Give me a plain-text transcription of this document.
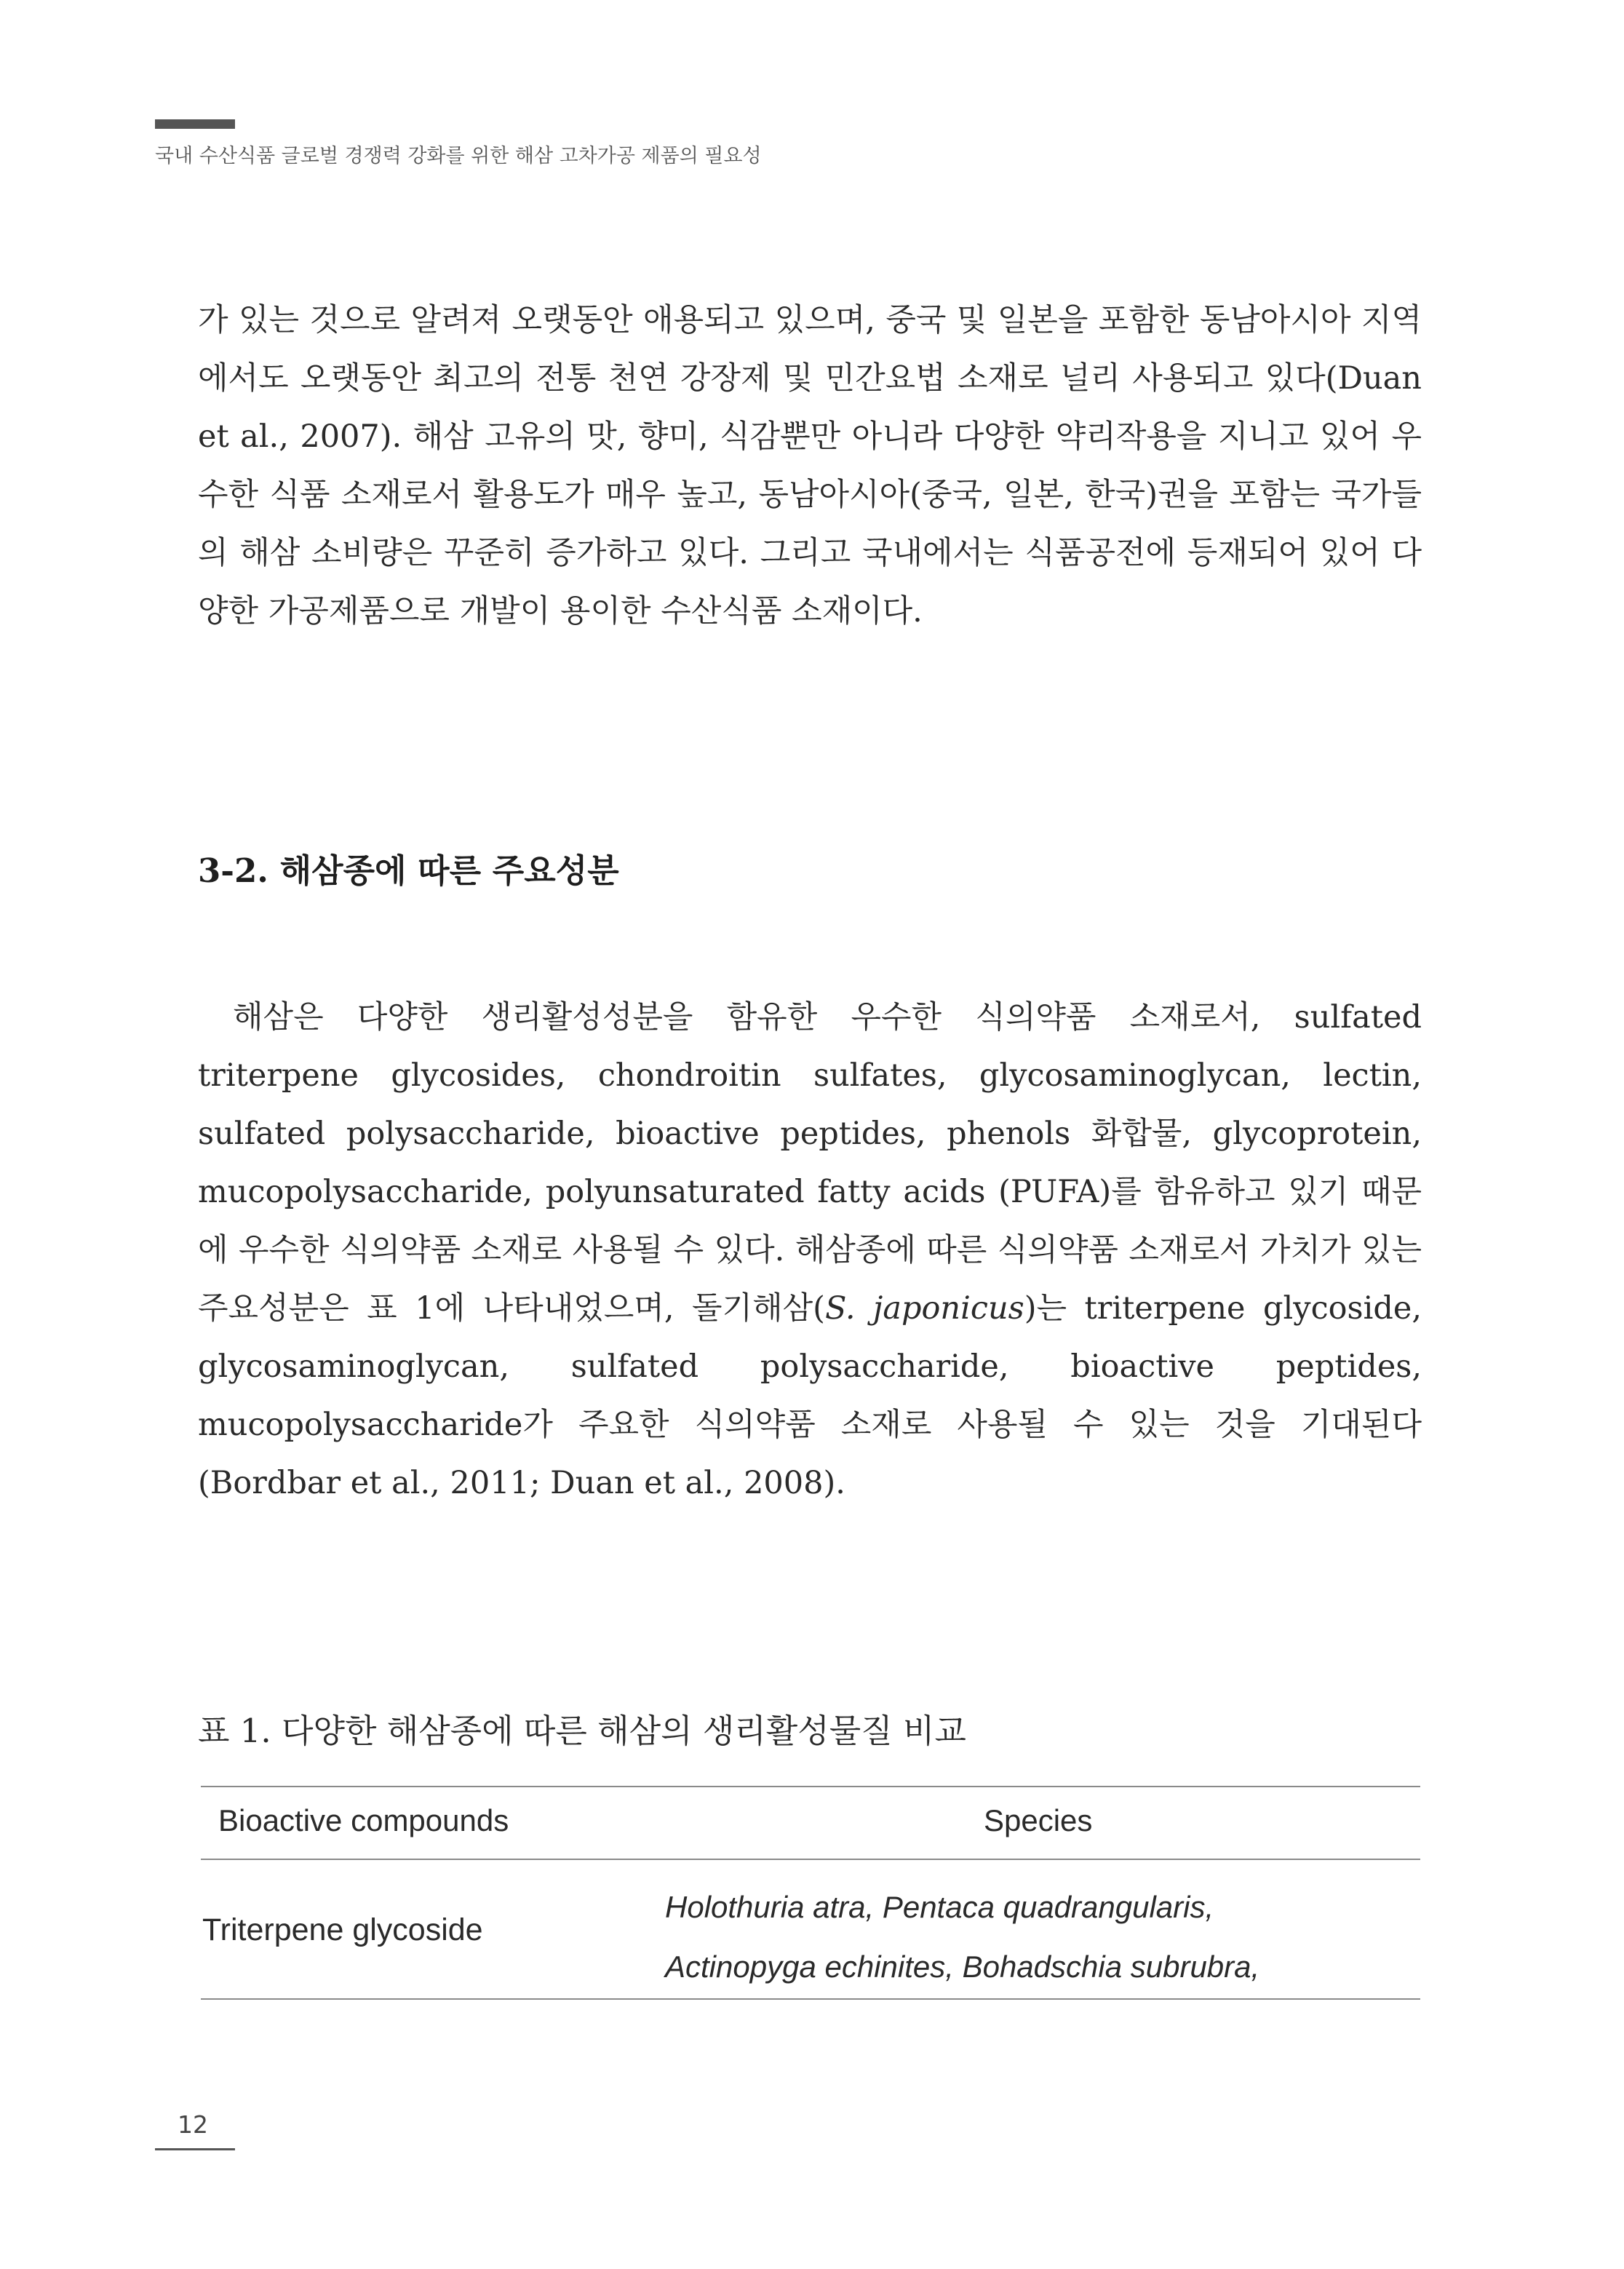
국내 수산식품 글로벌 경쟁력 강화를 위한 해삼 고차가공 제품의 필요성

가 있는 것으로 알려져 오랫동안 애용되고 있으며, 중국 및 일본을 포함한 동남아시아 지역에서도 오랫동안 최고의 전통 천연 강장제 및 민간요법 소재로 널리 사용되고 있다(Duan et al., 2007). 해삼 고유의 맛, 향미, 식감뿐만 아니라 다양한 약리작용을 지니고 있어 우수한 식품 소재로서 활용도가 매우 높고, 동남아시아(중국, 일본, 한국)권을 포함는 국가들의 해삼 소비량은 꾸준히 증가하고 있다. 그리고 국내에서는 식품공전에 등재되어 있어 다양한 가공제품으로 개발이 용이한 수산식품 소재이다.

3-2. 해삼종에 따른 주요성분

해삼은 다양한 생리활성성분을 함유한 우수한 식의약품 소재로서, sulfated triterpene glycosides, chondroitin sulfates, glycosaminoglycan, lectin, sulfated polysaccharide, bioactive peptides, phenols 화합물, glycoprotein, mucopolysaccharide, polyunsaturated fatty acids (PUFA)를 함유하고 있기 때문에 우수한 식의약품 소재로 사용될 수 있다. 해삼종에 따른 식의약품 소재로서 가치가 있는 주요성분은 표 1에 나타내었으며, 돌기해삼(S. japonicus)는 triterpene glycoside, glycosaminoglycan, sulfated polysaccharide, bioactive peptides, mucopolysaccharide가 주요한 식의약품 소재로 사용될 수 있는 것을 기대된다(Bordbar et al., 2011; Duan et al., 2008).

표 1. 다양한 해삼종에 따른 해삼의 생리활성물질 비교

Bioactive compounds	Species
Triterpene glycoside
Holothuria atra, Pentaca quadrangularis,
Actinopyga echinites, Bohadschia subrubra,
12
